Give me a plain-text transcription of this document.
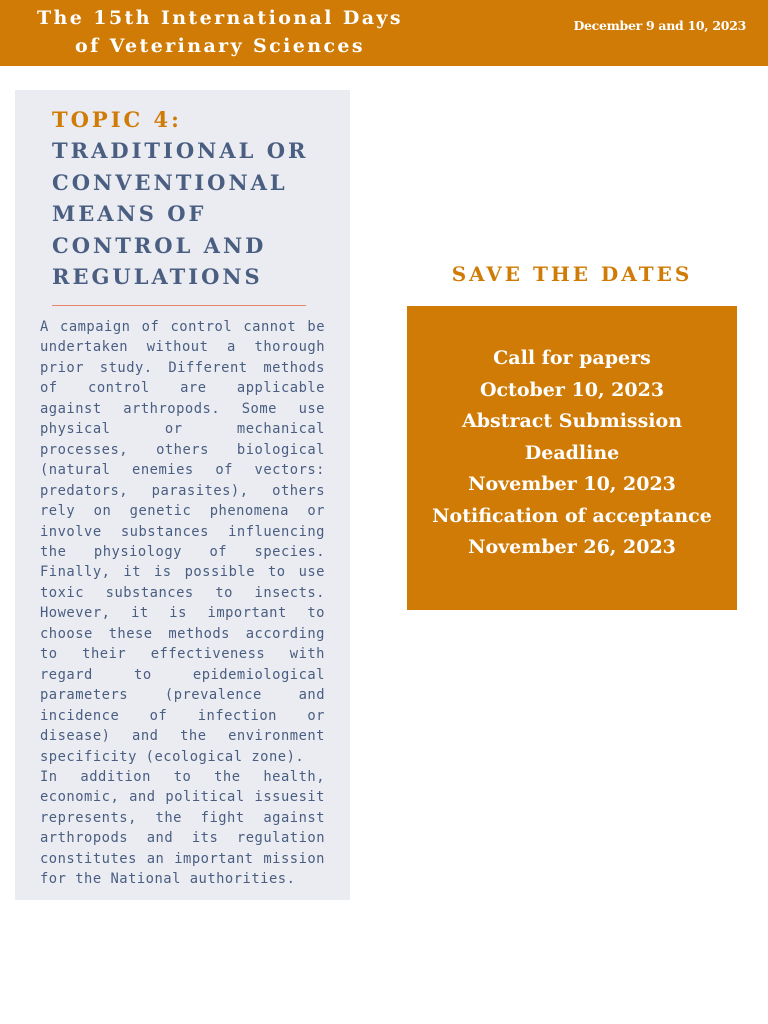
The 15th International Days
of Veterinary Sciences
December 9 and 10, 2023
TOPIC 4:
TRADITIONAL OR
CONVENTIONAL
MEANS OF
CONTROL AND
REGULATIONS

A campaign of control cannot be undertaken without a thorough prior study. Different methods of control are applicable against arthropods. Some use physical or mechanical processes, others biological (natural enemies of vectors: predators, parasites), others rely on genetic phenomena or involve substances influencing the physiology of species. Finally, it is possible to use toxic substances to insects. However, it is important to choose these methods according to their effectiveness with regard to epidemiological parameters (prevalence and incidence of infection or disease) and the environment specificity (ecological zone).

In addition to the health, economic, and political issuesit represents, the fight against arthropods and its regulation constitutes an important mission for the National authorities.

SAVE THE DATES
Call for papers
October 10, 2023
Abstract Submission
Deadline
November 10, 2023
Notification of acceptance
November 26, 2023
